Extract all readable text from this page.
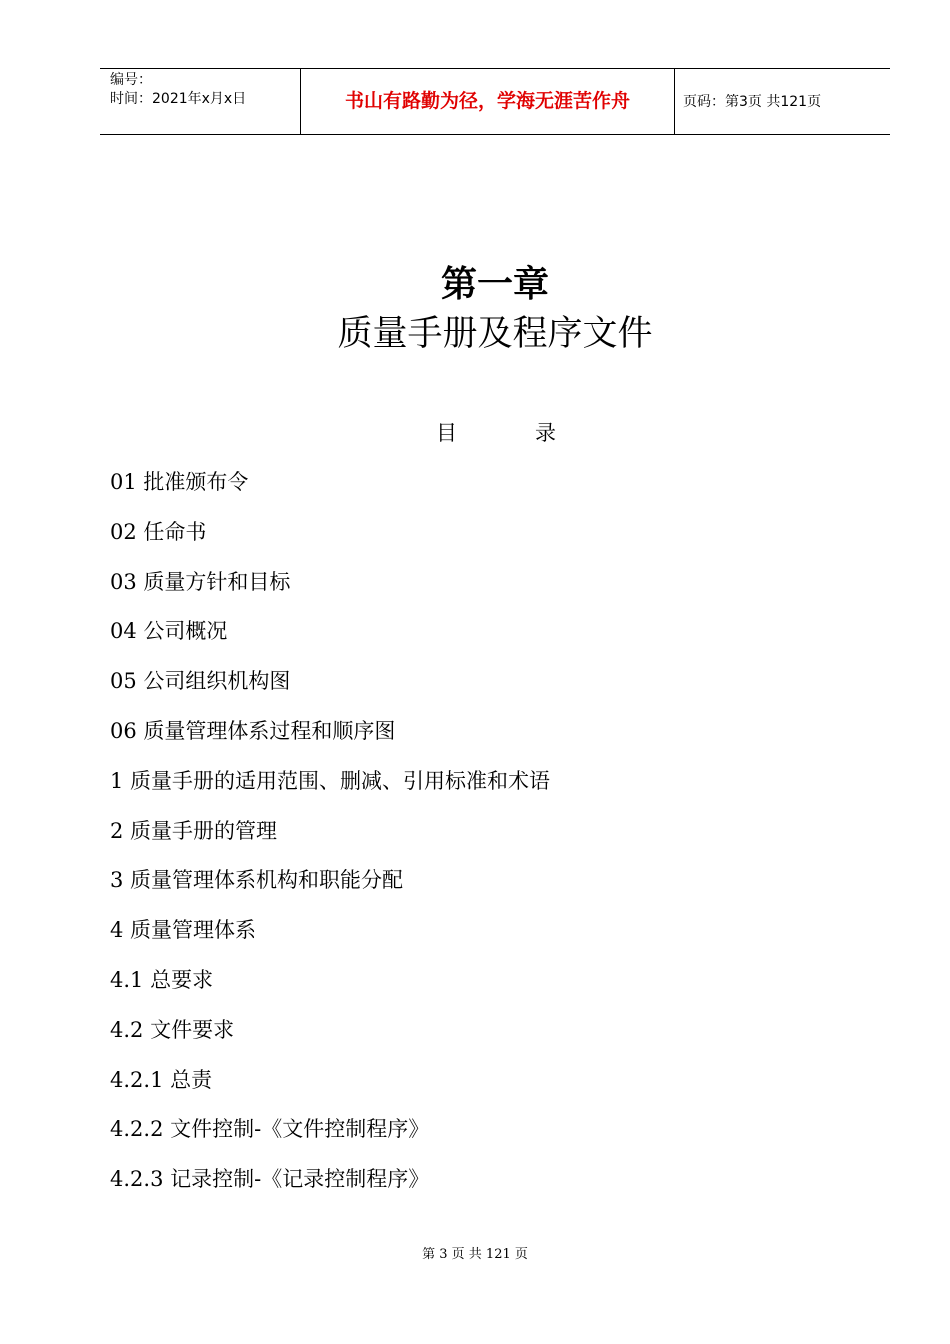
编号：
时间：2021年x月x日	书山有路勤为径，学海无涯苦作舟	页码：第3页 共121页
第一章
质量手册及程序文件
目	录
01 批准颁布令
02 任命书
03 质量方针和目标
04 公司概况
05 公司组织机构图
06 质量管理体系过程和顺序图
1 质量手册的适用范围、删减、引用标准和术语
2 质量手册的管理
3 质量管理体系机构和职能分配
4 质量管理体系
4.1 总要求
4.2 文件要求
4.2.1 总责
4.2.2 文件控制-《文件控制程序》
4.2.3 记录控制-《记录控制程序》
第 3 页 共 121 页
